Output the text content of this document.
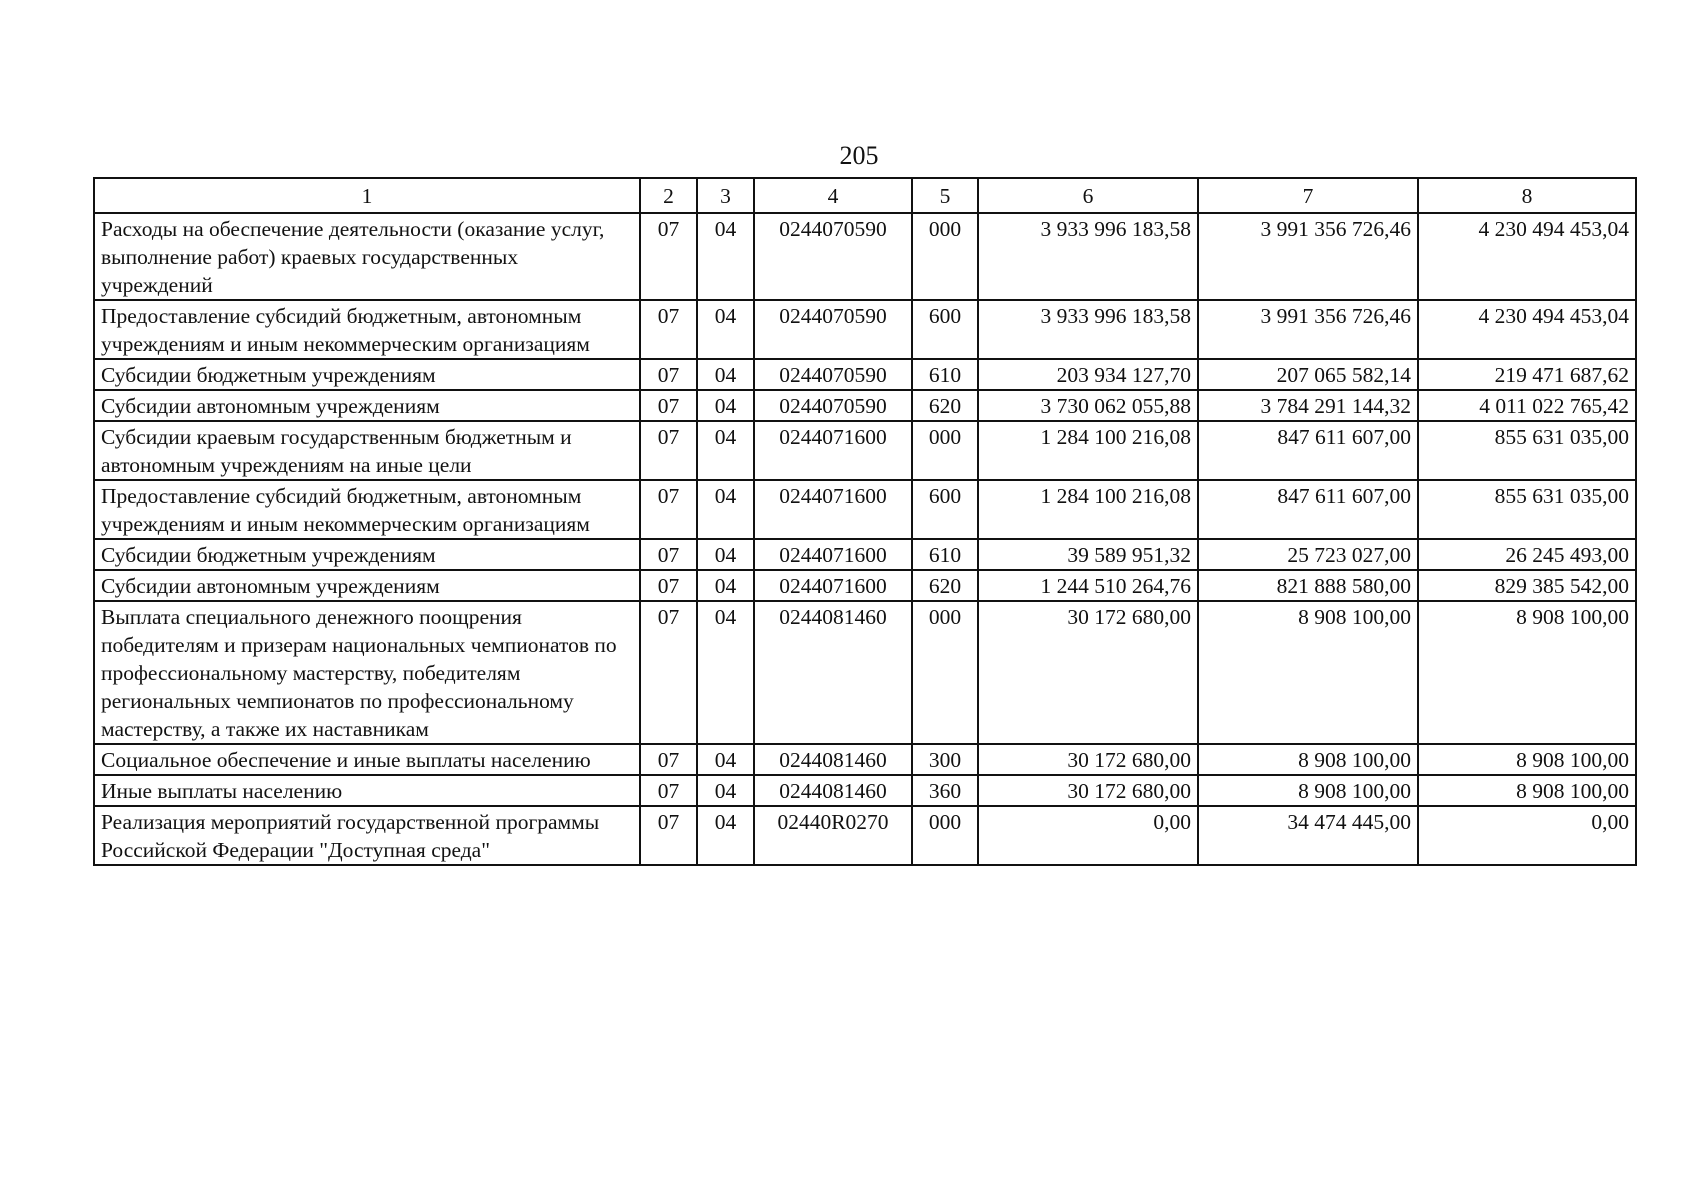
205
1	2	3	4	5	6	7	8
Расходы на обеспечение деятельности (оказание услуг, выполнение работ) краевых государственных учреждений	07	04	0244070590	000	3 933 996 183,58	3 991 356 726,46	4 230 494 453,04
Предоставление субсидий бюджетным, автономным учреждениям и иным некоммерческим организациям	07	04	0244070590	600	3 933 996 183,58	3 991 356 726,46	4 230 494 453,04
Субсидии бюджетным учреждениям	07	04	0244070590	610	203 934 127,70	207 065 582,14	219 471 687,62
Субсидии автономным учреждениям	07	04	0244070590	620	3 730 062 055,88	3 784 291 144,32	4 011 022 765,42
Субсидии краевым государственным бюджетным и автономным учреждениям на иные цели	07	04	0244071600	000	1 284 100 216,08	847 611 607,00	855 631 035,00
Предоставление субсидий бюджетным, автономным учреждениям и иным некоммерческим организациям	07	04	0244071600	600	1 284 100 216,08	847 611 607,00	855 631 035,00
Субсидии бюджетным учреждениям	07	04	0244071600	610	39 589 951,32	25 723 027,00	26 245 493,00
Субсидии автономным учреждениям	07	04	0244071600	620	1 244 510 264,76	821 888 580,00	829 385 542,00
Выплата специального денежного поощрения победителям и призерам национальных чемпионатов по профессиональному мастерству, победителям региональных чемпионатов по профессиональному мастерству, а также их наставникам	07	04	0244081460	000	30 172 680,00	8 908 100,00	8 908 100,00
Социальное обеспечение и иные выплаты населению	07	04	0244081460	300	30 172 680,00	8 908 100,00	8 908 100,00
Иные выплаты населению	07	04	0244081460	360	30 172 680,00	8 908 100,00	8 908 100,00
Реализация мероприятий государственной программы Российской Федерации "Доступная среда"	07	04	02440R0270	000	0,00	34 474 445,00	0,00
